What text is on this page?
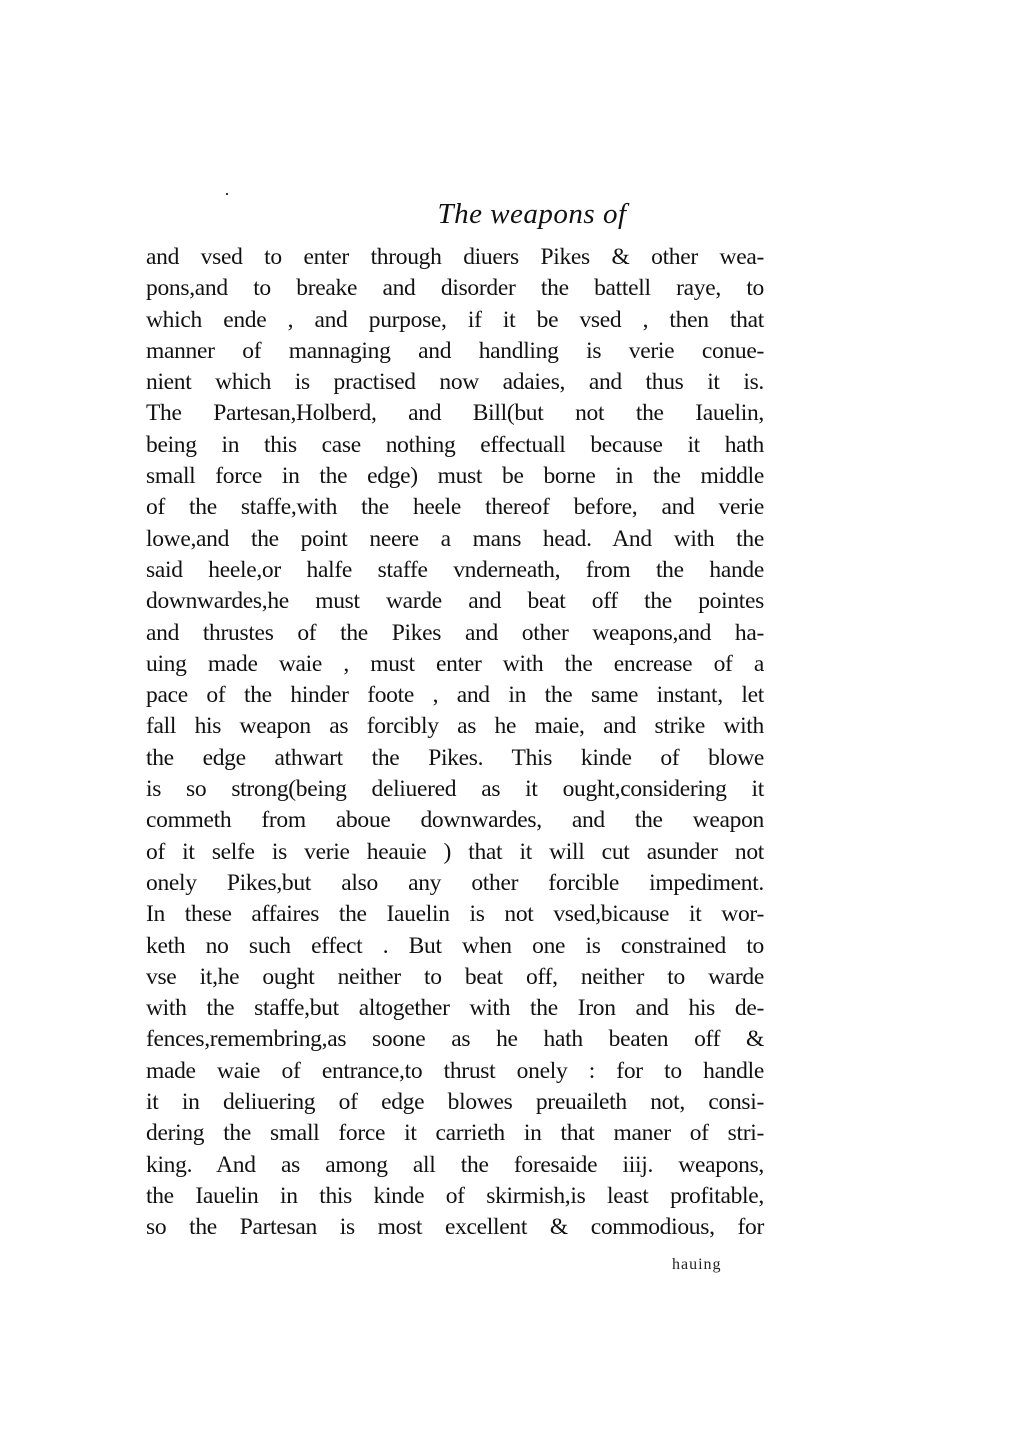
The weapons of
and vsed to enter through diuers Pikes & other wea-
pons,and to breake and disorder the battell raye, to
which ende , and purpose, if it be vsed , then that
manner of mannaging and handling is verie conue-
nient which is practised now adaies, and thus it is.
The Partesan,Holberd, and Bill(but not the Iauelin,
being in this case nothing effectuall because it hath
small force in the edge) must be borne in the middle
of the staffe,with the heele thereof before, and verie
lowe,and the point neere a mans head. And with the
said heele,or halfe staffe vnderneath, from the hande
downwardes,he must warde and beat off the pointes
and thrustes of the Pikes and other weapons,and ha-
uing made waie , must enter with the encrease of a
pace of the hinder foote , and in the same instant, let
fall his weapon as forcibly as he maie, and strike with
the edge athwart the Pikes. This kinde of blowe
is so strong(being deliuered as it ought,considering it
commeth from aboue downwardes, and the weapon
of it selfe is verie heauie ) that it will cut asunder not
onely Pikes,but also any other forcible impediment.
In these affaires the Iauelin is not vsed,bicause it wor-
keth no such effect . But when one is constrained to
vse it,he ought neither to beat off, neither to warde
with the staffe,but altogether with the Iron and his de-
fences,remembring,as soone as he hath beaten off &
made waie of entrance,to thrust onely : for to handle
it in deliuering of edge blowes preuaileth not, consi-
dering the small force it carrieth in that maner of stri-
king. And as among all the foresaide iiij. weapons,
the Iauelin in this kinde of skirmish,is least profitable,
so the Partesan is most excellent & commodious, for
hauing
